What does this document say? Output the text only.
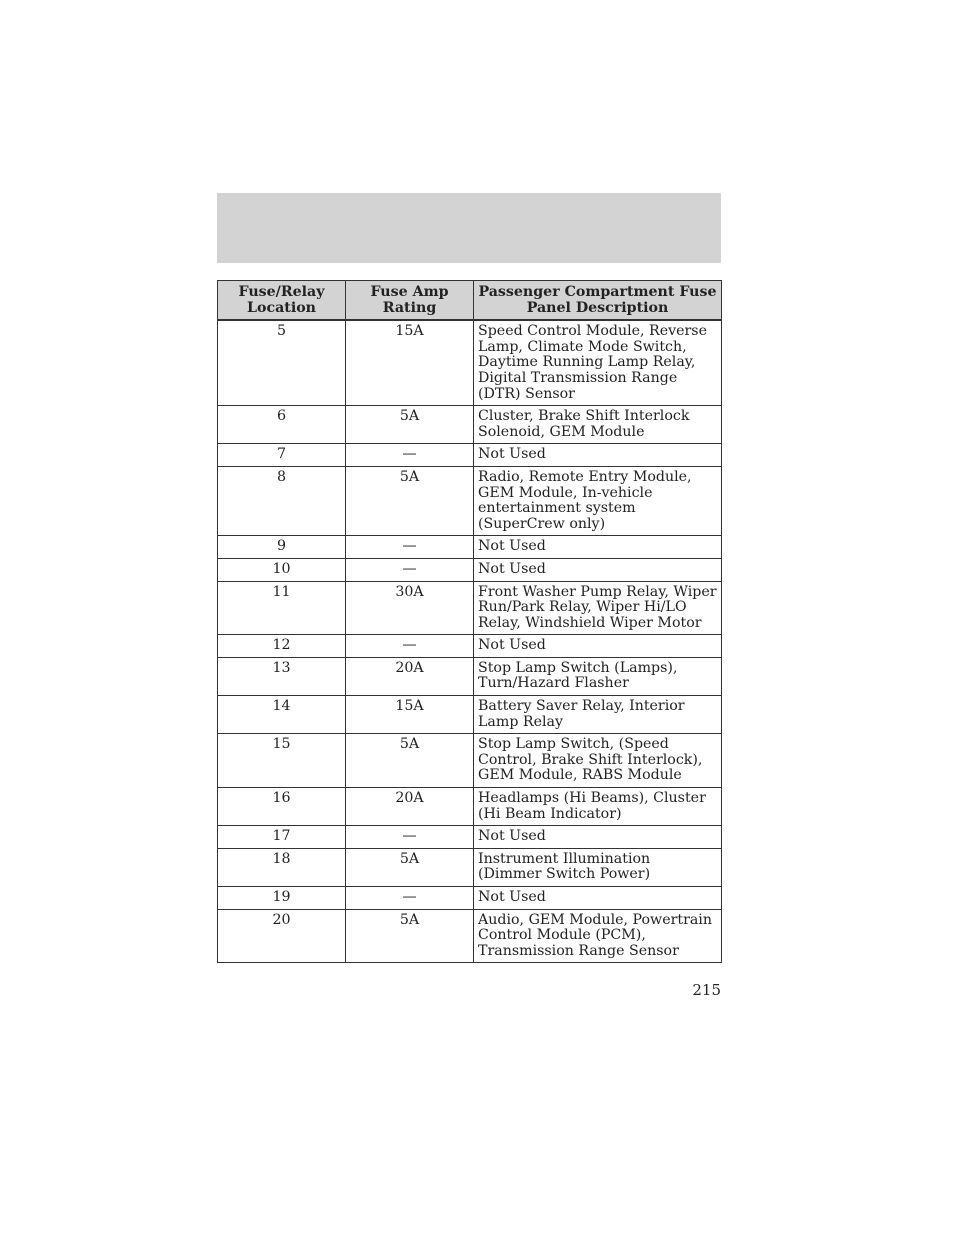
Fuse/Relay Location	Fuse Amp Rating	Passenger Compartment Fuse Panel Description
5	15A	Speed Control Module, Reverse Lamp, Climate Mode Switch, Daytime Running Lamp Relay, Digital Transmission Range (DTR) Sensor
6	5A	Cluster, Brake Shift Interlock Solenoid, GEM Module
7	—	Not Used
8	5A	Radio, Remote Entry Module, GEM Module, In-vehicle entertainment system (SuperCrew only)
9	—	Not Used
10	—	Not Used
11	30A	Front Washer Pump Relay, Wiper Run/Park Relay, Wiper Hi/LO Relay, Windshield Wiper Motor
12	—	Not Used
13	20A	Stop Lamp Switch (Lamps), Turn/Hazard Flasher
14	15A	Battery Saver Relay, Interior Lamp Relay
15	5A	Stop Lamp Switch, (Speed Control, Brake Shift Interlock), GEM Module, RABS Module
16	20A	Headlamps (Hi Beams), Cluster (Hi Beam Indicator)
17	—	Not Used
18	5A	Instrument Illumination (Dimmer Switch Power)
19	—	Not Used
20	5A	Audio, GEM Module, Powertrain Control Module (PCM), Transmission Range Sensor
215
